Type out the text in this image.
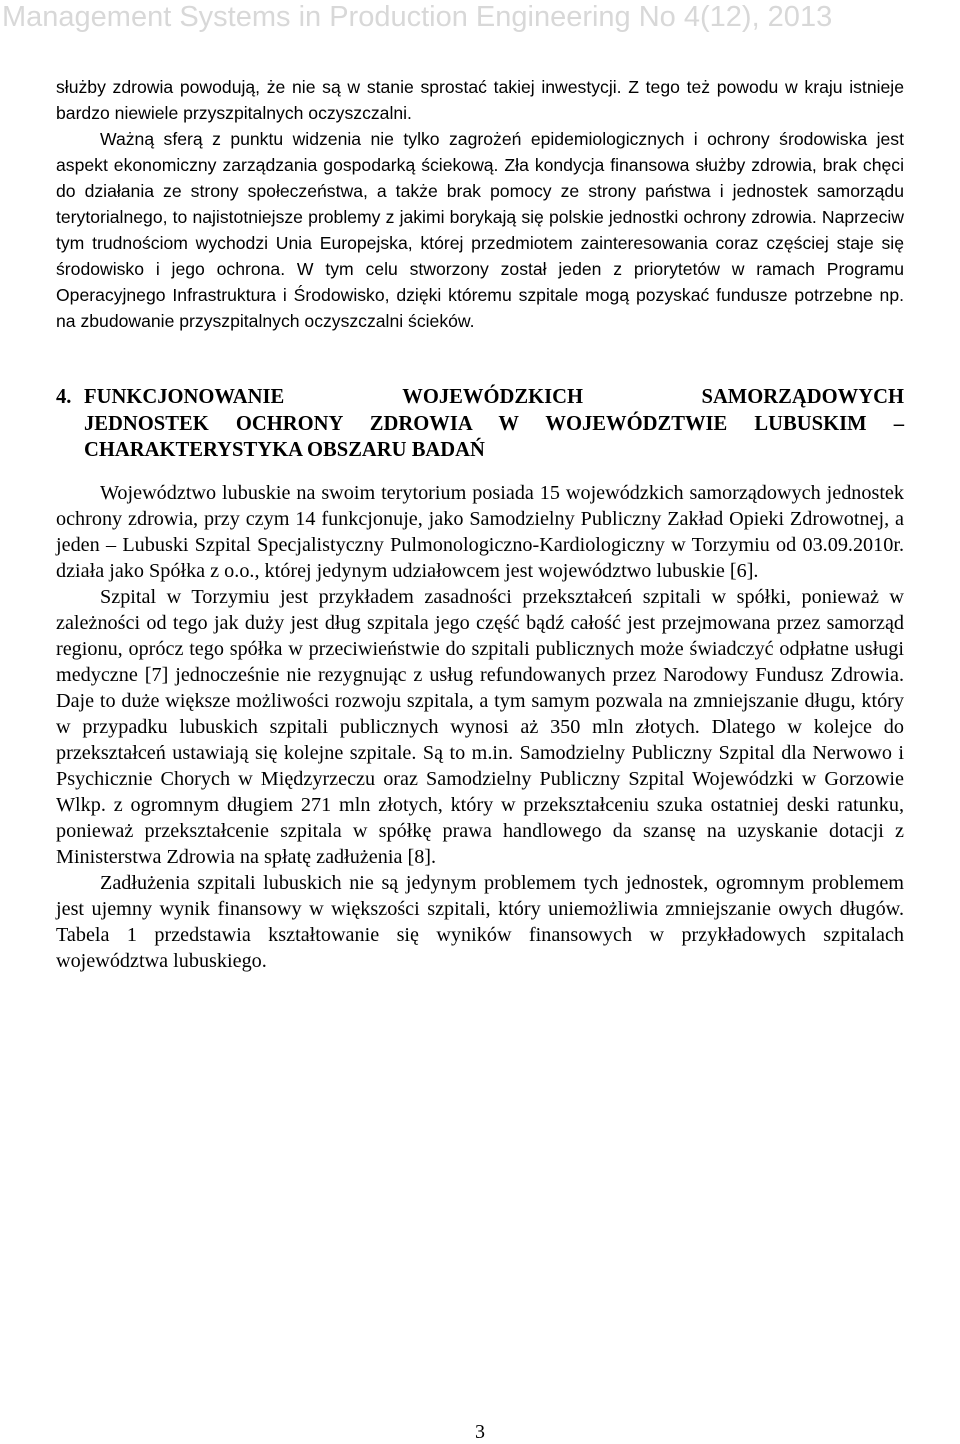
Management Systems in Production Engineering No 4(12), 2013

służby zdrowia powodują, że nie są w stanie sprostać takiej inwestycji. Z tego też powodu w kraju istnieje bardzo niewiele przyszpitalnych oczyszczalni.

Ważną sferą z punktu widzenia nie tylko zagrożeń epidemiologicznych i ochrony środowiska jest aspekt ekonomiczny zarządzania gospodarką ściekową. Zła kondycja finansowa służby zdrowia, brak chęci do działania ze strony społeczeństwa, a także brak pomocy ze strony państwa i jednostek samorządu terytorialnego, to najistotniejsze problemy z jakimi borykają się polskie jednostki ochrony zdrowia. Naprzeciw tym trudnościom wychodzi Unia Europejska, której przedmiotem zainteresowania coraz częściej staje się środowisko i jego ochrona. W tym celu stworzony został jeden z priorytetów w ramach Programu Operacyjnego Infrastruktura i Środowisko, dzięki któremu szpitale mogą pozyskać fundusze potrzebne np. na zbudowanie przyszpitalnych oczyszczalni ścieków.

4. FUNKCJONOWANIE WOJEWÓDZKICH SAMORZĄDOWYCH
JEDNOSTEK OCHRONY ZDROWIA W WOJEWÓDZTWIE LUBUSKIM –
CHARAKTERYSTYKA OBSZARU BADAŃ

Województwo lubuskie na swoim terytorium posiada 15 wojewódzkich samorządowych jednostek ochrony zdrowia, przy czym 14 funkcjonuje, jako Samodzielny Publiczny Zakład Opieki Zdrowotnej, a jeden – Lubuski Szpital Specjalistyczny Pulmonologiczno-Kardiologiczny w Torzymiu od 03.09.2010r. działa jako Spółka z o.o., której jedynym udziałowcem jest województwo lubuskie [6].

Szpital w Torzymiu jest przykładem zasadności przekształceń szpitali w spółki, ponieważ w zależności od tego jak duży jest dług szpitala jego część bądź całość jest przejmowana przez samorząd regionu, oprócz tego spółka w przeciwieństwie do szpitali publicznych może świadczyć odpłatne usługi medyczne [7] jednocześnie nie rezygnując z usług refundowanych przez Narodowy Fundusz Zdrowia. Daje to duże większe możliwości rozwoju szpitala, a tym samym pozwala na zmniejszanie długu, który w przypadku lubuskich szpitali publicznych wynosi aż 350 mln złotych. Dlatego w kolejce do przekształceń ustawiają się kolejne szpitale. Są to m.in. Samodzielny Publiczny Szpital dla Nerwowo i Psychicznie Chorych w Międzyrzeczu oraz Samodzielny Publiczny Szpital Wojewódzki w Gorzowie Wlkp. z ogromnym długiem 271 mln złotych, który w przekształceniu szuka ostatniej deski ratunku, ponieważ przekształcenie szpitala w spółkę prawa handlowego da szansę na uzyskanie dotacji z Ministerstwa Zdrowia na spłatę zadłużenia [8].

Zadłużenia szpitali lubuskich nie są jedynym problemem tych jednostek, ogromnym problemem jest ujemny wynik finansowy w większości szpitali, który uniemożliwia zmniejszanie owych długów. Tabela 1 przedstawia kształtowanie się wyników finansowych w przykładowych szpitalach województwa lubuskiego.

3
